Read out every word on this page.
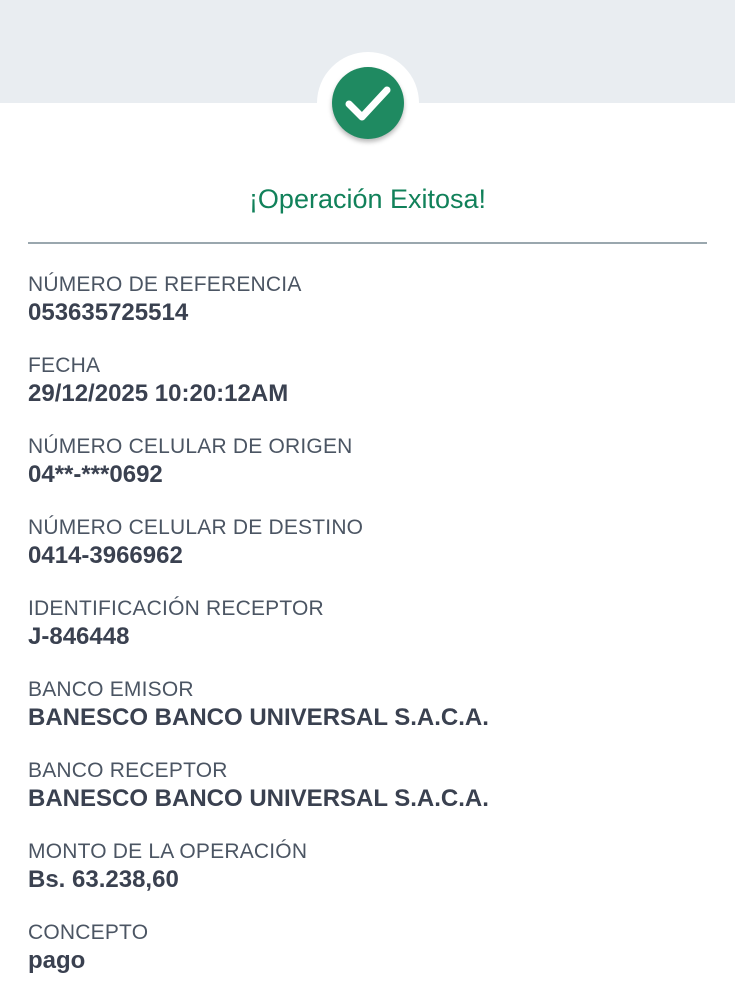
¡Operación Exitosa!
NÚMERO DE REFERENCIA
053635725514
FECHA
29/12/2025 10:20:12AM
NÚMERO CELULAR DE ORIGEN
04**-***0692
NÚMERO CELULAR DE DESTINO
0414-3966962
IDENTIFICACIÓN RECEPTOR
J-846448
BANCO EMISOR
BANESCO BANCO UNIVERSAL S.A.C.A.
BANCO RECEPTOR
BANESCO BANCO UNIVERSAL S.A.C.A.
MONTO DE LA OPERACIÓN
Bs. 63.238,60
CONCEPTO
pago
